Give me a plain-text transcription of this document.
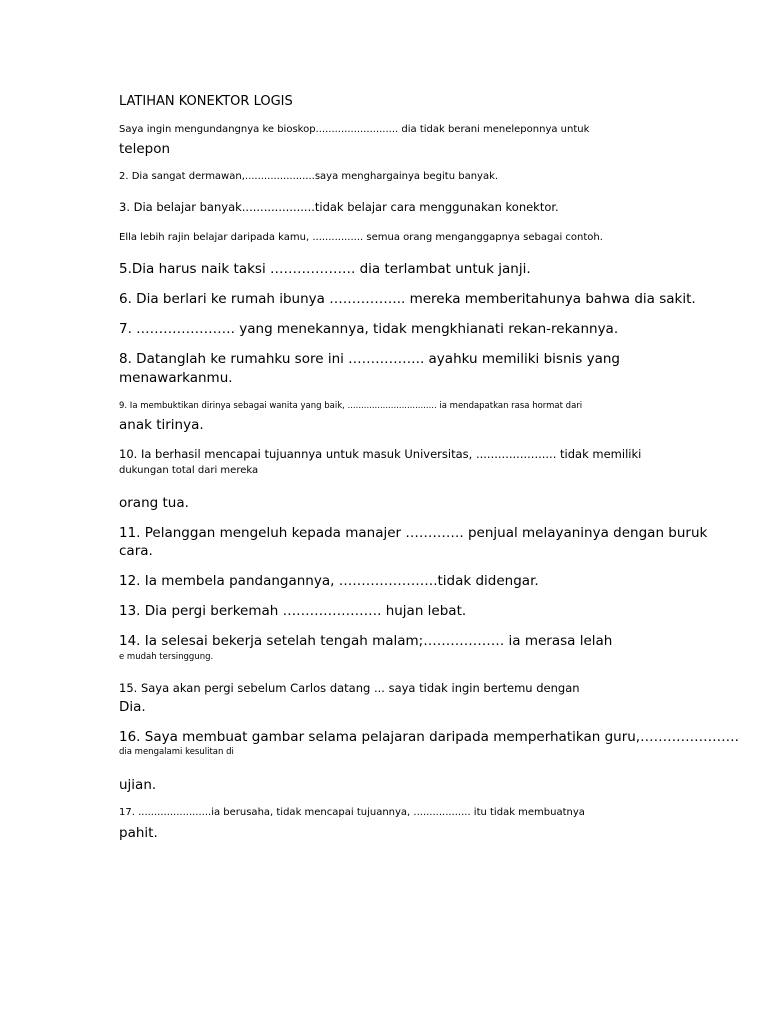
LATIHAN KONEKTOR LOGIS
Saya ingin mengundangnya ke bioskop.......................... dia tidak berani meneleponnya untuk
telepon
2. Dia sangat dermawan,......................saya menghargainya begitu banyak.
3. Dia belajar banyak....................tidak belajar cara menggunakan konektor.
Ella lebih rajin belajar daripada kamu, ................ semua orang menganggapnya sebagai contoh.
5.Dia harus naik taksi ………………. dia terlambat untuk janji.
6. Dia berlari ke rumah ibunya …………….. mereka memberitahunya bahwa dia sakit.
7. …………………. yang menekannya, tidak mengkhianati rekan-rekannya.
8. Datanglah ke rumahku sore ini …………….. ayahku memiliki bisnis yang
menawarkanmu.
9. Ia membuktikan dirinya sebagai wanita yang baik, ................................. ia mendapatkan rasa hormat dari
anak tirinya.
10. Ia berhasil mencapai tujuannya untuk masuk Universitas, ...................... tidak memiliki
dukungan total dari mereka
orang tua.
11. Pelanggan mengeluh kepada manajer …………. penjual melayaninya dengan buruk
cara.
12. Ia membela pandangannya, ………………….tidak didengar.
13. Dia pergi berkemah …………………. hujan lebat.
14. Ia selesai bekerja setelah tengah malam;……………… ia merasa lelah
e mudah tersinggung.
15. Saya akan pergi sebelum Carlos datang ... saya tidak ingin bertemu dengan
Dia.
16. Saya membuat gambar selama pelajaran daripada memperhatikan guru,………………….
dia mengalami kesulitan di
ujian.
17. .......................ia berusaha, tidak mencapai tujuannya, .................. itu tidak membuatnya
pahit.
